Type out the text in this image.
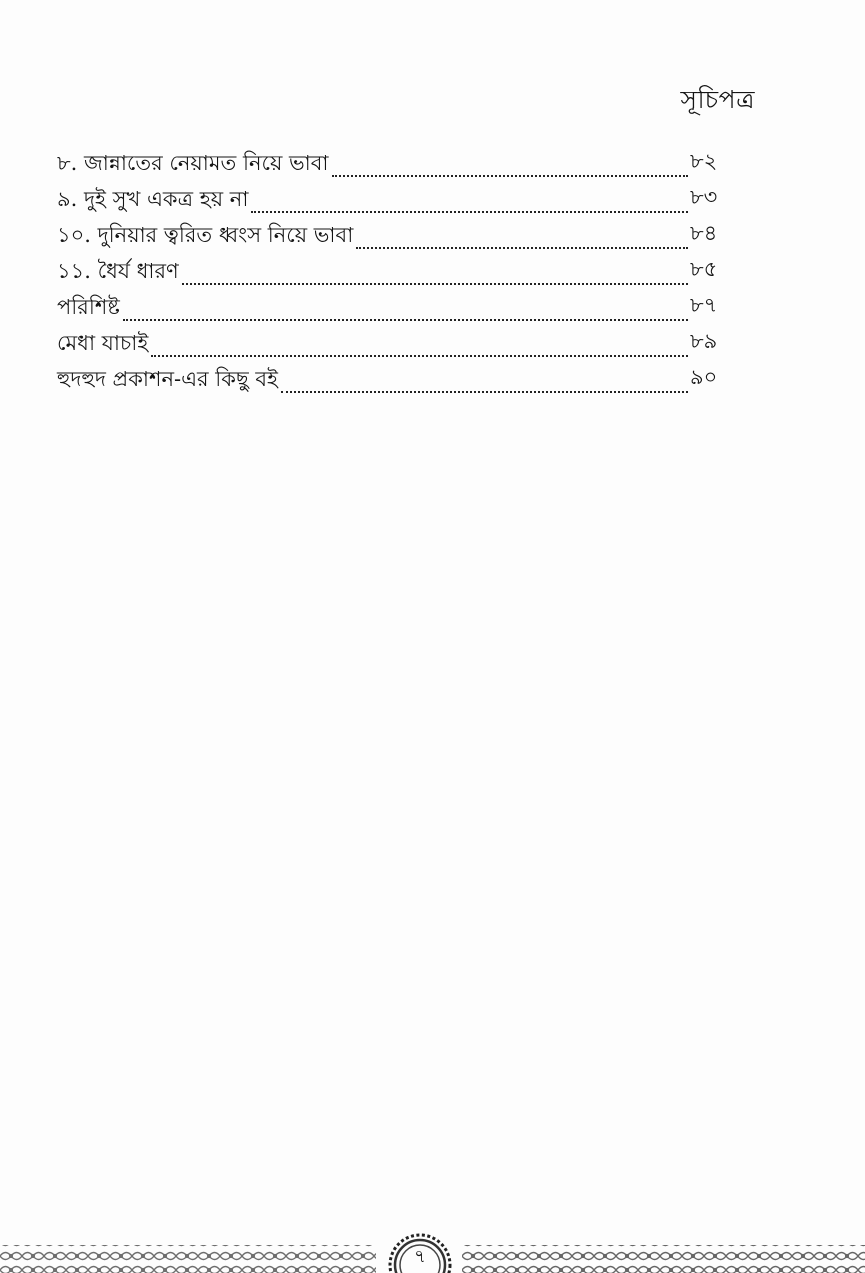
সূচিপত্র
৮. জান্নাতের নেয়ামত নিয়ে ভাবা	৮২
৯. দুই সুখ একত্র হয় না	৮৩
১০. দুনিয়ার ত্বরিত ধ্বংস নিয়ে ভাবা	৮৪
১১. ধৈর্য ধারণ	৮৫
পরিশিষ্ট	৮৭
মেধা যাচাই	৮৯
হুদহুদ প্রকাশন-এর কিছু বই	৯০
৭
